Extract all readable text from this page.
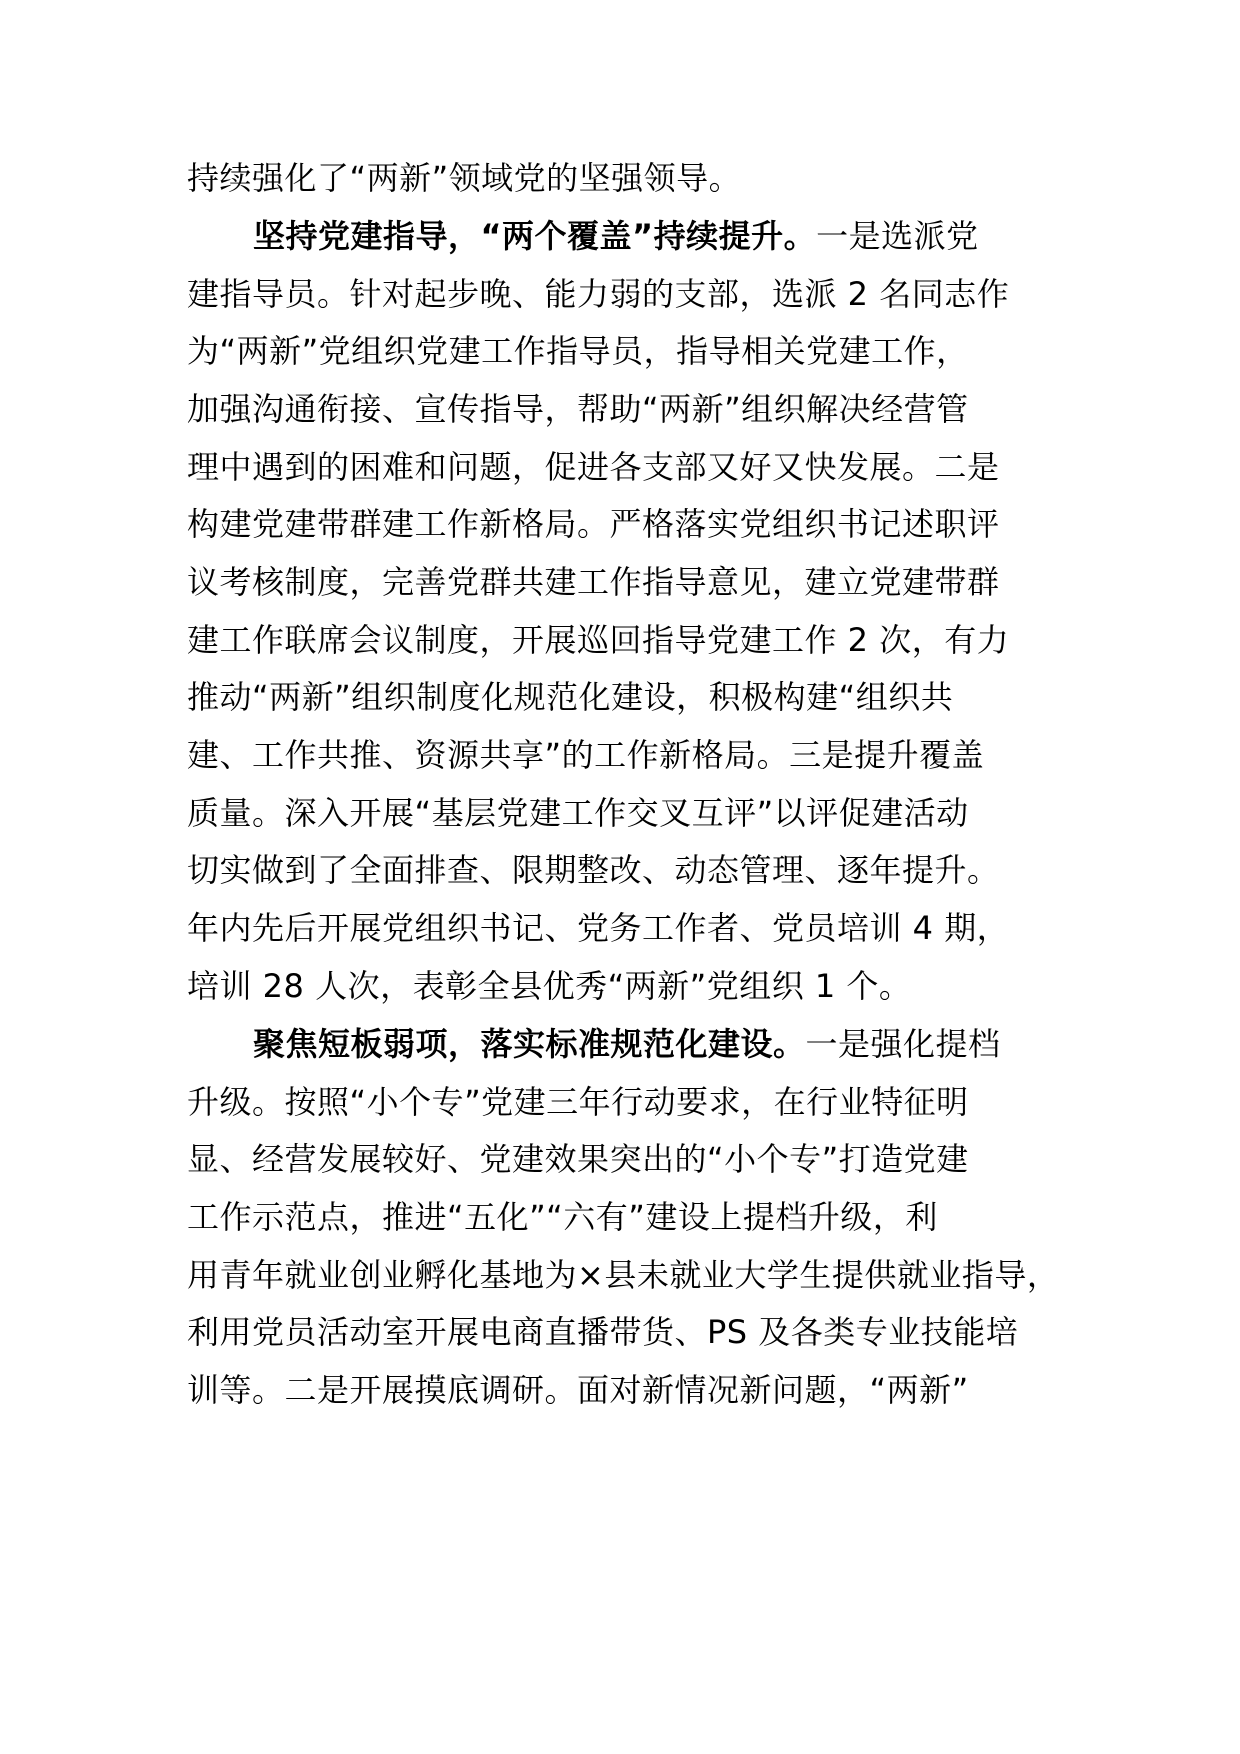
持续强化了“两新”领域党的坚强领导。
坚持党建指导，“两个覆盖”持续提升。一是选派党
建指导员。针对起步晚、能力弱的支部，选派 2 名同志作
为“两新”党组织党建工作指导员，指导相关党建工作，
加强沟通衔接、宣传指导，帮助“两新”组织解决经营管
理中遇到的困难和问题，促进各支部又好又快发展。二是
构建党建带群建工作新格局。严格落实党组织书记述职评
议考核制度，完善党群共建工作指导意见，建立党建带群
建工作联席会议制度，开展巡回指导党建工作 2 次，有力
推动“两新”组织制度化规范化建设，积极构建“组织共
建、工作共推、资源共享”的工作新格局。三是提升覆盖
质量。深入开展“基层党建工作交叉互评”以评促建活动
切实做到了全面排查、限期整改、动态管理、逐年提升。
年内先后开展党组织书记、党务工作者、党员培训 4 期，
培训 28 人次，表彰全县优秀“两新”党组织 1 个。
聚焦短板弱项，落实标准规范化建设。一是强化提档
升级。按照“小个专”党建三年行动要求，在行业特征明
显、经营发展较好、党建效果突出的“小个专”打造党建
工作示范点，推进“五化”“六有”建设上提档升级，利
用青年就业创业孵化基地为×县未就业大学生提供就业指导，
利用党员活动室开展电商直播带货、PS 及各类专业技能培
训等。二是开展摸底调研。面对新情况新问题，“两新”
